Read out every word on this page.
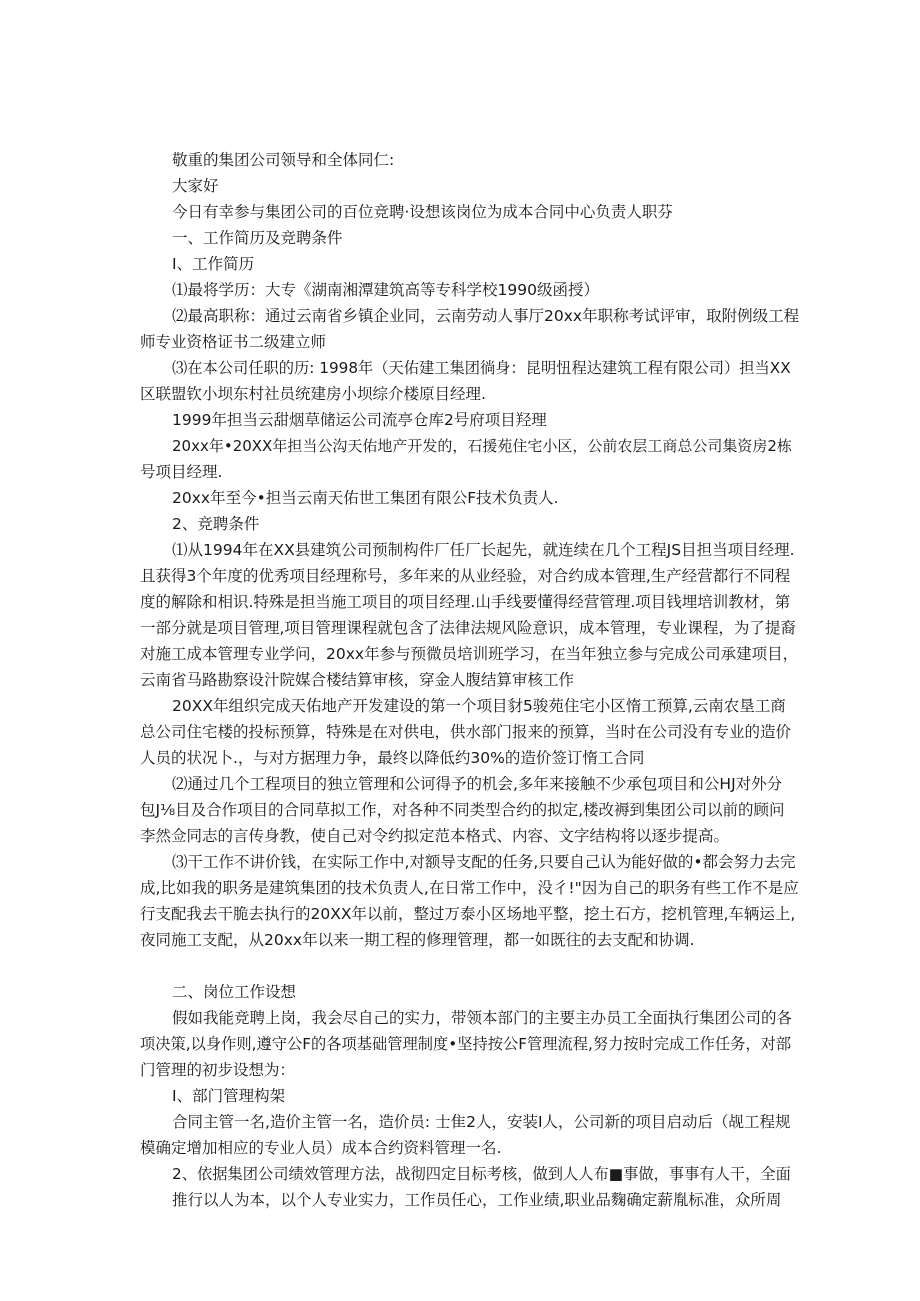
敬重的集团公司领导和全体同仁:
大家好
今日有幸参与集团公司的百位竞聘·设想该岗位为成本合同中心负责人职芬
一、工作简历及竞聘条件
I、工作简历
⑴最将学历：大专《湖南湘潭建筑高等专科学校1990级函授）
⑵最高职称：通过云南省乡镇企业同，云南劳动人事厅20xx年职称考试评审，取附例级工程
师专业资格证书二级建立师
⑶在本公司任职的历: 1998年（天佑建工集团徜身：昆明忸程达建筑工程有限公司）担当XX
区联盟钦小坝东村社员统建房小坝综介楼原目经理.
1999年担当云甜烟草储运公司流亭仓库2号府项目羟理
20xx年•20XX年担当公沟天佑地产开发的，石援苑住宅小区，公前农层工商总公司集资房2栋
号项目经理.
20xx年至今•担当云南天佑世工集团有限公F技术负责人.
2、竞聘条件
⑴从1994年在XX县建筑公司预制构件厂任厂长起先，就连续在几个工程JS目担当项目经理.
且获得3个年度的优秀项目经理称号，多年来的从业经验，对合约成本管理,生产经营都行不同程
度的解除和相识.特殊是担当施工项目的项目经理.山手线要懂得经营管理.项目钱埋培训教材，第
一部分就是项目管理,项目管理课程就包含了法律法规风险意识，成本管理，专业课程，为了提裔
对施工成本管理专业学问，20xx年参与预微员培训班学习，在当年独立参与完成公司承建项目，
云南省马路勘察设汁院媒合楼结算审核，穿金人腹结算审核工作
20XX年组织完成天佑地产开发建设的第一个项目豺5骏苑住宅小区惰工预算,云南农垦工商
总公司住宅楼的投标预算，特殊是在对供电，供水部门报来的预算，当时在公司没有专业的造价
人员的状况卜.，与对方据理力争，最终以降低约30%的造价签订惰工合同
⑵通过几个工程项目的独立管理和公诃得予的机会,多年来接触不少承包项目和公HJ对外分
包J⅛目及合作项目的合同草拟工作，对各种不同类型合约的拟定,楼改褥到集团公司以前的顾问
李然佥同志的言传身教，使自己对令约拟定范本格式、内容、文字结构将以逐步提高。
⑶干工作不讲价钱，在实际工作中,对额导支配的任务,只要自己认为能好做的•都会努力去完
成,比如我的职务是建筑集团的技术负责人,在日常工作中，没彳!"因为自己的职务有些工作不是应
行支配我去干脆去执行的20XX年以前，整过万泰小区场地平整，挖土石方，挖机管理,车辆运上,
夜同施工支配，从20xx年以来一期工程的修理管理，都一如既往的去支配和协调.
二、岗位工作设想
假如我能竞聘上岗，我会尽自己的实力，带领本部门的主要主办员工全面执行集团公司的各
项决策,以身作则,遵守公F的各项基础管理制度•坚持按公F管理流程,努力按时完成工作任务，对部
门管理的初步设想为：
I、部门管理构架
合同主管一名,造价主管一名，造价员: 士隹2人，安装I人，公司新的项目启动后（觇工程规
模确定增加相应的专业人员）成本合约资料管理一名.
2、依据集团公司绩效管理方法，战彻四定目标考核，做到人人布■事做，事事有人干，全面
推行以人为本，以个人专业实力，工作员任心，工作业绩,职业品麴确定薪胤标准，众所周
